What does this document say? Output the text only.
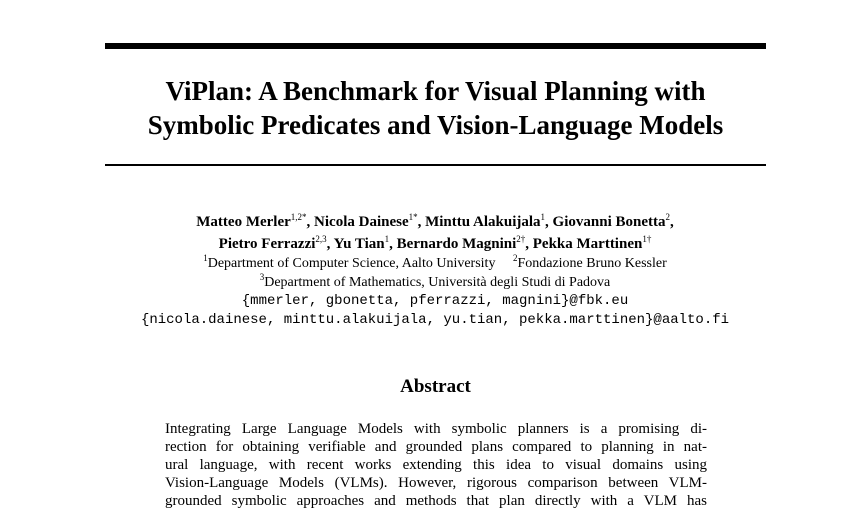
ViPlan: A Benchmark for Visual Planning with
Symbolic Predicates and Vision-Language Models
Matteo Merler$^{1,2*}$, Nicola Dainese$^{1*}$, Minttu Alakuijala$^1$, Giovanni Bonetta$^2$,
Pietro Ferrazzi$^{2,3}$, Yu Tian$^1$, Bernardo Magnini$^{2\dagger}$, Pekka Marttinen$^{1\dagger}$
$^1$Department of Computer Science, Aalto University $^2$Fondazione Bruno Kessler
$^3$Department of Mathematics, Università degli Studi di Padova
{mmerler, gbonetta, pferrazzi, magnini}@fbk.eu
{nicola.dainese, minttu.alakuijala, yu.tian, pekka.marttinen}@aalto.fi
Abstract
Integrating Large Language Models with symbolic planners is a promising di-
rection for obtaining verifiable and grounded plans compared to planning in nat-
ural language, with recent works extending this idea to visual domains using
Vision-Language Models (VLMs). However, rigorous comparison between VLM-
grounded symbolic approaches and methods that plan directly with a VLM has
